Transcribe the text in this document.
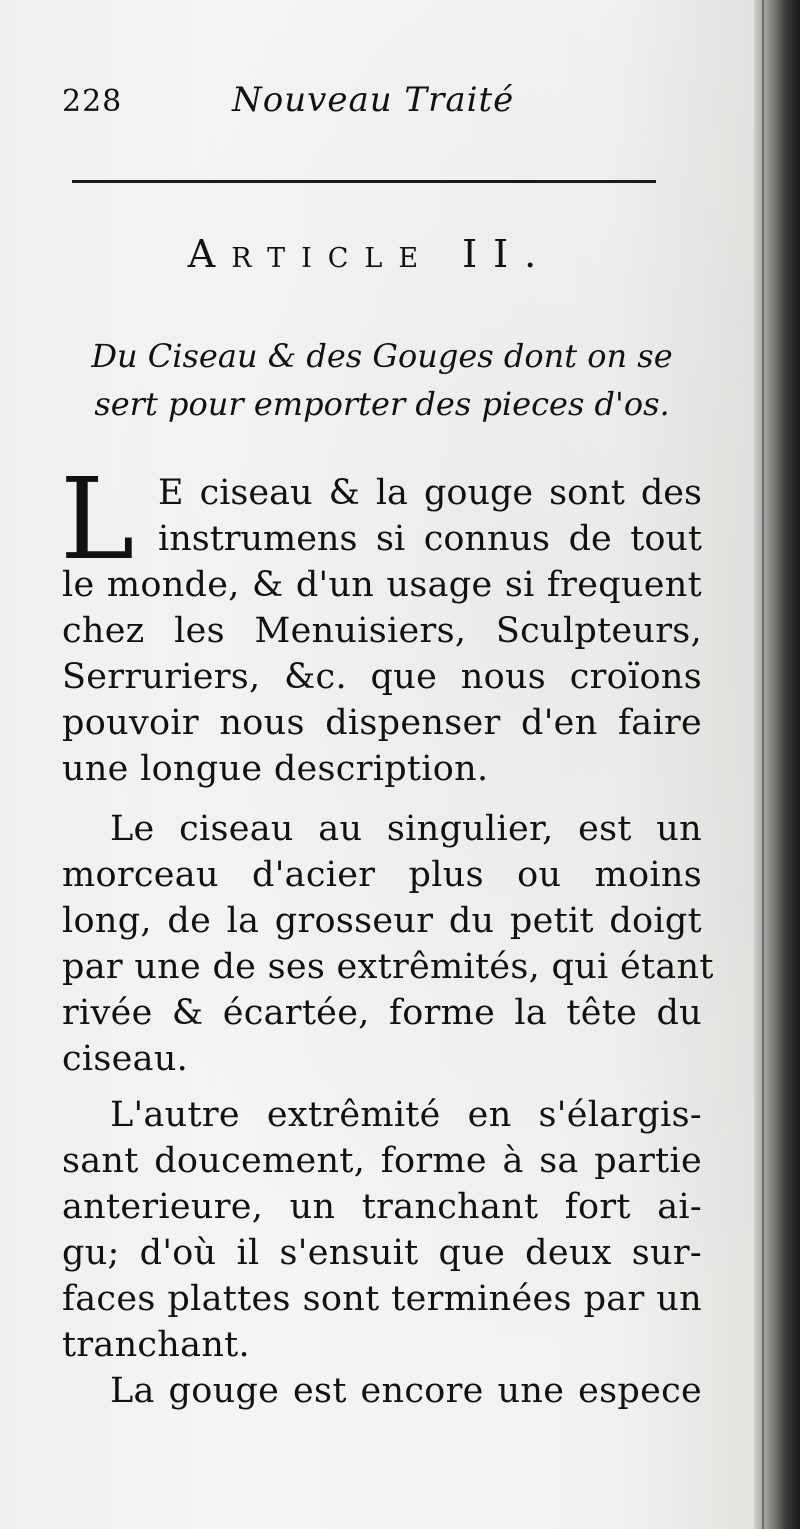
228	Nouveau Traité
Article II.
Du Ciseau & des Gouges dont on se
sert pour emporter des pieces d'os.
L E ciseau & la gouge sont des
instrumens si connus de tout
le monde, & d'un usage si frequent
chez les Menuisiers, Sculpteurs,
Serruriers, &c. que nous croïons
pouvoir nous dispenser d'en faire
une longue description.
Le ciseau au singulier, est un
morceau d'acier plus ou moins
long, de la grosseur du petit doigt
par une de ses extrêmités, qui étant
rivée & écartée, forme la tête du
ciseau.
L'autre extrêmité en s'élargis-
sant doucement, forme à sa partie
anterieure, un tranchant fort ai-
gu; d'où il s'ensuit que deux sur-
faces plattes sont terminées par un
tranchant.
La gouge est encore une espece
